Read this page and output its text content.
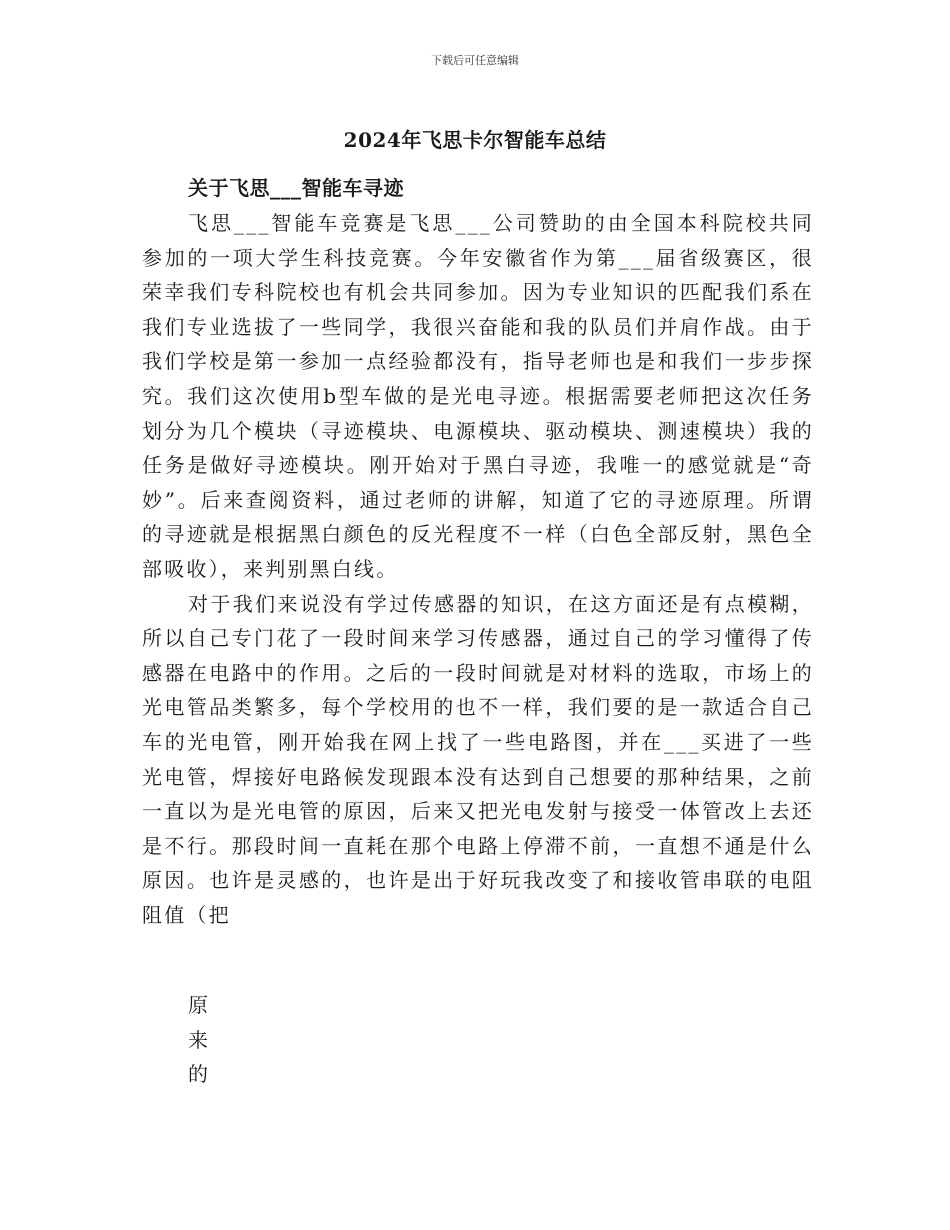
下载后可任意编辑
2024年飞思卡尔智能车总结
关于飞思___智能车寻迹

飞思___智能车竞赛是飞思___公司赞助的由全国本科院校共同参加的一项大学生科技竞赛。今年安徽省作为第___届省级赛区，很荣幸我们专科院校也有机会共同参加。因为专业知识的匹配我们系在我们专业选拔了一些同学，我很兴奋能和我的队员们并肩作战。由于我们学校是第一参加一点经验都没有，指导老师也是和我们一步步探究。我们这次使用b型车做的是光电寻迹。根据需要老师把这次任务划分为几个模块（寻迹模块、电源模块、驱动模块、测速模块）我的任务是做好寻迹模块。刚开始对于黑白寻迹，我唯一的感觉就是“奇妙”。后来查阅资料，通过老师的讲解，知道了它的寻迹原理。所谓的寻迹就是根据黑白颜色的反光程度不一样（白色全部反射，黑色全部吸收），来判别黑白线。

对于我们来说没有学过传感器的知识，在这方面还是有点模糊，所以自己专门花了一段时间来学习传感器，通过自己的学习懂得了传感器在电路中的作用。之后的一段时间就是对材料的选取，市场上的光电管品类繁多，每个学校用的也不一样，我们要的是一款适合自己车的光电管，刚开始我在网上找了一些电路图，并在___买进了一些光电管，焊接好电路候发现跟本没有达到自己想要的那种结果，之前一直以为是光电管的原因，后来又把光电发射与接受一体管改上去还是不行。那段时间一直耗在那个电路上停滞不前，一直想不通是什么原因。也许是灵感的，也许是出于好玩我改变了和接收管串联的电阻阻值（把

原
来
的
